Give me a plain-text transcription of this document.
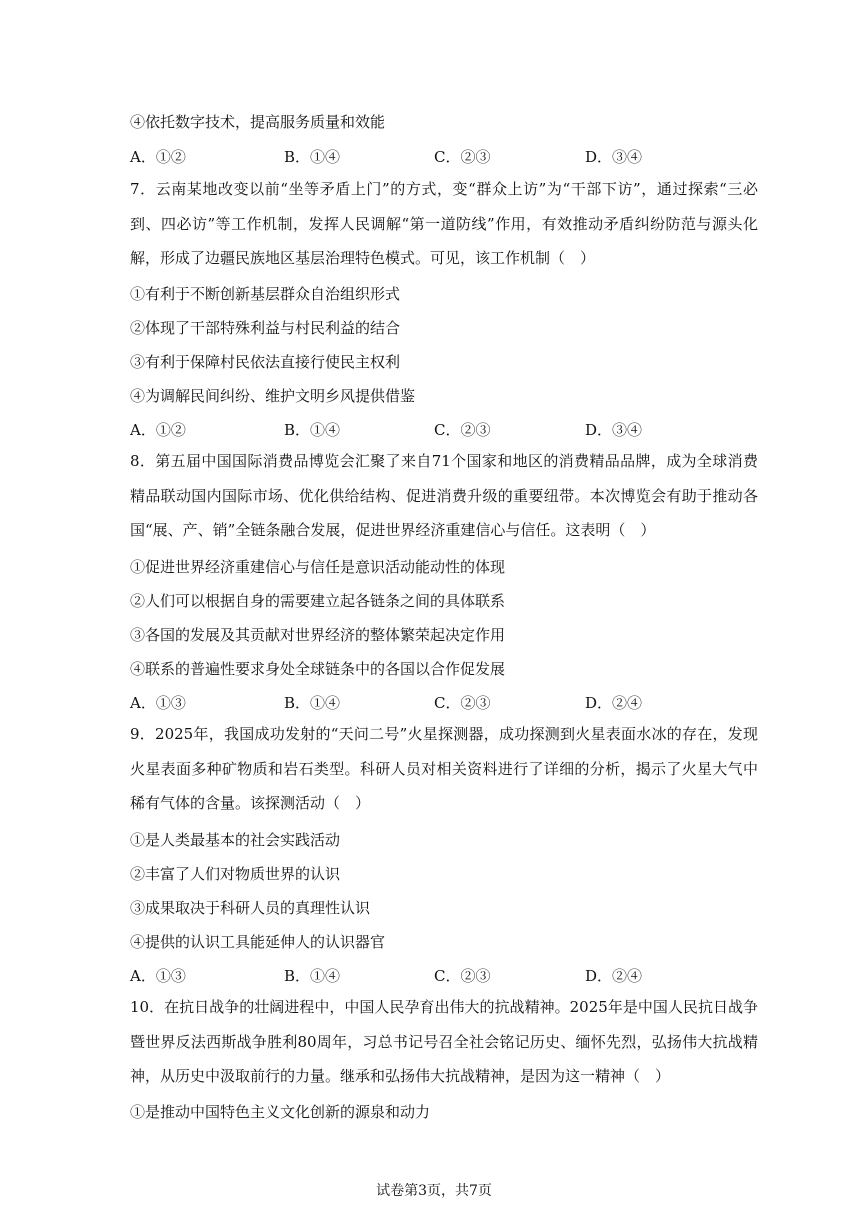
④依托数字技术，提高服务质量和效能
A．①②	B．①④	C．②③	D．③④
7．云南某地改变以前“坐等矛盾上门”的方式，变“群众上访”为“干部下访”，通过探索“三必到、四必访”等工作机制，发挥人民调解“第一道防线”作用，有效推动矛盾纠纷防范与源头化解，形成了边疆民族地区基层治理特色模式。可见，该工作机制（　）
①有利于不断创新基层群众自治组织形式
②体现了干部特殊利益与村民利益的结合
③有利于保障村民依法直接行使民主权利
④为调解民间纠纷、维护文明乡风提供借鉴
A．①②	B．①④	C．②③	D．③④
8．第五届中国国际消费品博览会汇聚了来自71个国家和地区的消费精品品牌，成为全球消费精品联动国内国际市场、优化供给结构、促进消费升级的重要纽带。本次博览会有助于推动各国“展、产、销”全链条融合发展，促进世界经济重建信心与信任。这表明（　）
①促进世界经济重建信心与信任是意识活动能动性的体现
②人们可以根据自身的需要建立起各链条之间的具体联系
③各国的发展及其贡献对世界经济的整体繁荣起决定作用
④联系的普遍性要求身处全球链条中的各国以合作促发展
A．①③	B．①④	C．②③	D．②④
9．2025年，我国成功发射的“天问二号”火星探测器，成功探测到火星表面水冰的存在，发现火星表面多种矿物质和岩石类型。科研人员对相关资料进行了详细的分析，揭示了火星大气中稀有气体的含量。该探测活动（　）
①是人类最基本的社会实践活动
②丰富了人们对物质世界的认识
③成果取决于科研人员的真理性认识
④提供的认识工具能延伸人的认识器官
A．①③	B．①④	C．②③	D．②④
10．在抗日战争的壮阔进程中，中国人民孕育出伟大的抗战精神。2025年是中国人民抗日战争暨世界反法西斯战争胜利80周年，习总书记号召全社会铭记历史、缅怀先烈，弘扬伟大抗战精神，从历史中汲取前行的力量。继承和弘扬伟大抗战精神，是因为这一精神（　）
①是推动中国特色主义文化创新的源泉和动力
试卷第3页，共7页
